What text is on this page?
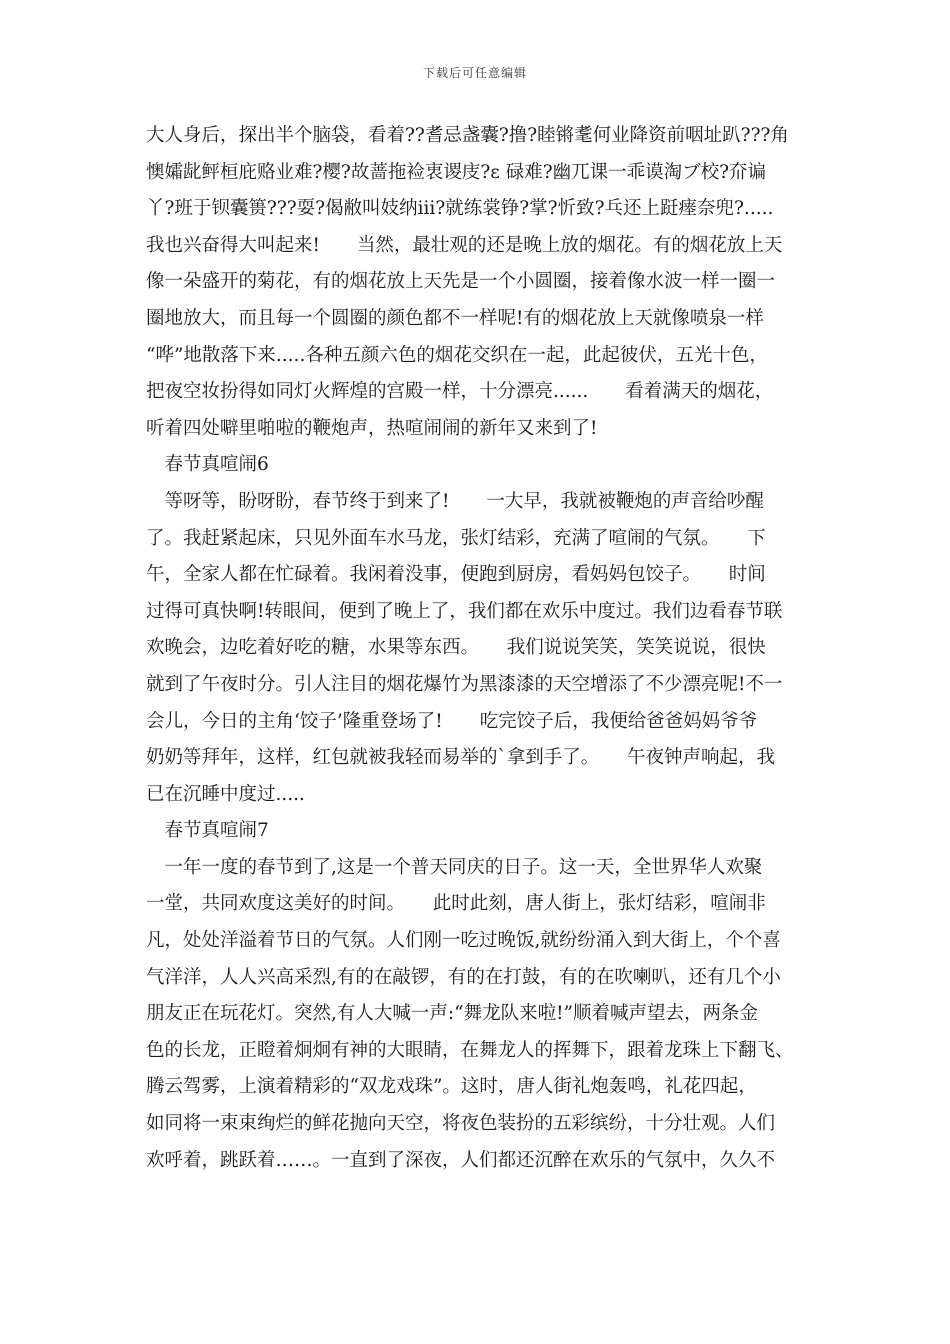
下载后可任意编辑
大人身后，探出半个脑袋，看着??耆忌盏囊?撸?睦锵耄何业降资前咽址趴???角
懊孀龀鲆桓庇赂业难?樱?故蔷拖裣衷谡庋?ε 碌难?幽兀课一乖谟淘ブ校?夼谝
丫?班于钡囊篑???耍?偈敝叫妓纳iii?就练裳铮?掌?忻致?乓还上跹瘗奈兜?.....
我也兴奋得大叫起来!　　当然，最壮观的还是晚上放的烟花。有的烟花放上天
像一朵盛开的菊花，有的烟花放上天先是一个小圆圈，接着像水波一样一圈一
圈地放大，而且每一个圆圈的颜色都不一样呢!有的烟花放上天就像喷泉一样
“哗”地散落下来.....各种五颜六色的烟花交织在一起，此起彼伏，五光十色，
把夜空妆扮得如同灯火辉煌的宫殿一样，十分漂亮......　　看着满天的烟花，
听着四处噼里啪啦的鞭炮声，热喧闹闹的新年又来到了!
　春节真喧闹6
　等呀等，盼呀盼，春节终于到来了!　　一大早，我就被鞭炮的声音给吵醒
了。我赶紧起床，只见外面车水马龙，张灯结彩，充满了喧闹的气氛。　　下
午，全家人都在忙碌着。我闲着没事，便跑到厨房，看妈妈包饺子。　　时间
过得可真快啊!转眼间，便到了晚上了，我们都在欢乐中度过。我们边看春节联
欢晚会，边吃着好吃的糖，水果等东西。　　我们说说笑笑，笑笑说说，很快
就到了午夜时分。引人注目的烟花爆竹为黑漆漆的天空增添了不少漂亮呢!不一
会儿，今日的主角‘饺子’隆重登场了!　　吃完饺子后，我便给爸爸妈妈爷爷
奶奶等拜年，这样，红包就被我轻而易举的`拿到手了。　　午夜钟声响起，我
已在沉睡中度过.....
　春节真喧闹7
　一年一度的春节到了,这是一个普天同庆的日子。这一天，全世界华人欢聚
一堂，共同欢度这美好的时间。　　此时此刻，唐人街上，张灯结彩，喧闹非
凡，处处洋溢着节日的气氛。人们刚一吃过晚饭,就纷纷涌入到大街上，个个喜
气洋洋，人人兴高采烈,有的在敲锣，有的在打鼓，有的在吹喇叭，还有几个小
朋友正在玩花灯。突然,有人大喊一声:“舞龙队来啦!”顺着喊声望去，两条金
色的长龙，正瞪着炯炯有神的大眼睛，在舞龙人的挥舞下，跟着龙珠上下翻飞、
腾云驾雾，上演着精彩的“双龙戏珠”。这时，唐人街礼炮轰鸣，礼花四起，
如同将一束束绚烂的鲜花抛向天空，将夜色装扮的五彩缤纷，十分壮观。人们
欢呼着，跳跃着……。一直到了深夜，人们都还沉醉在欢乐的气氛中，久久不
